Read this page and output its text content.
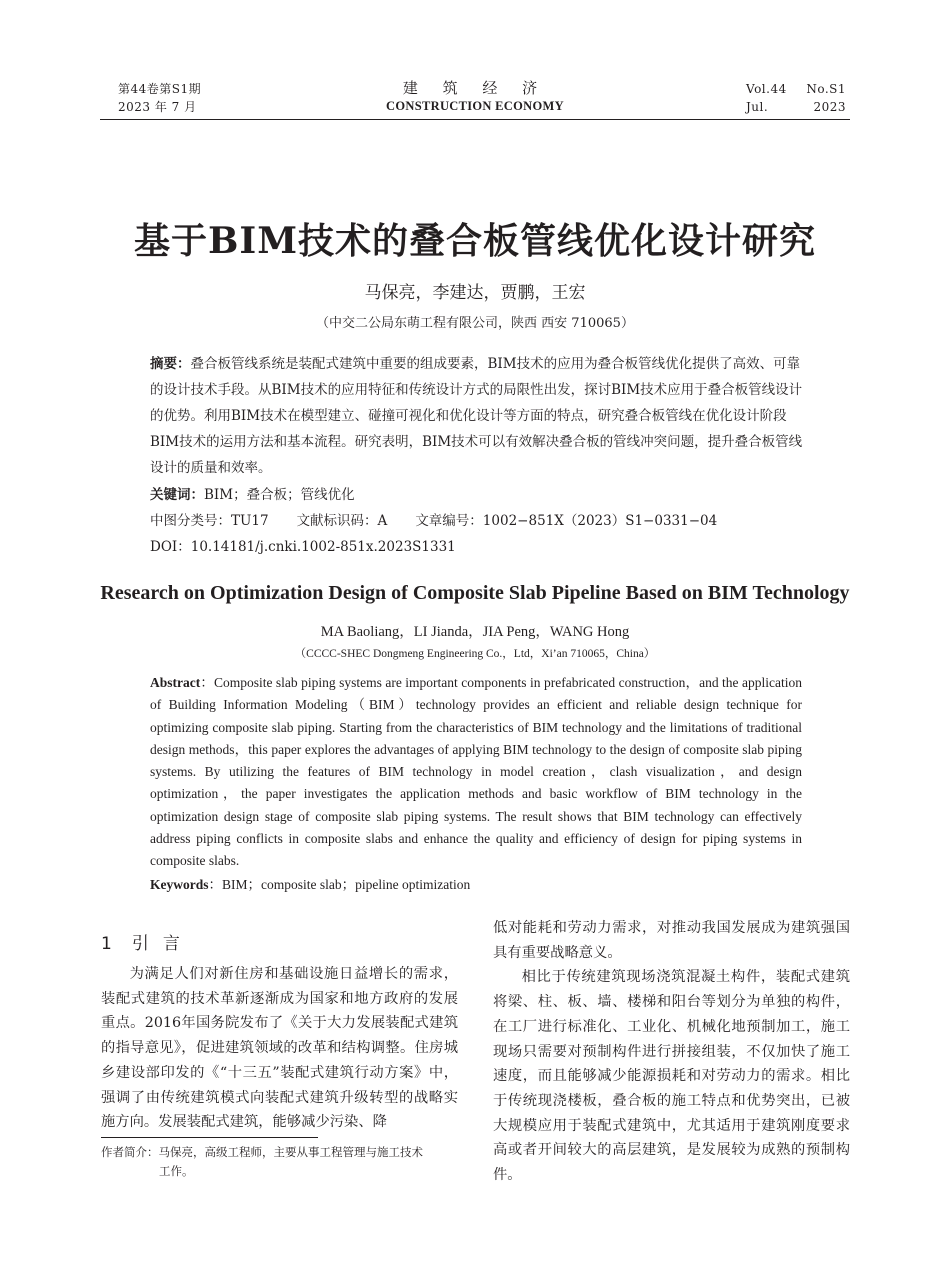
第44卷第S1期
2023 年 7 月
建 筑 经 济
CONSTRUCTION ECONOMY
Vol.44 No.S1
Jul.	2023
基于BIM技术的叠合板管线优化设计研究
马保亮，李建达，贾鹏，王宏
（中交二公局东萌工程有限公司，陕西 西安 710065）
摘要：叠合板管线系统是装配式建筑中重要的组成要素，BIM技术的应用为叠合板管线优化提供了高效、可靠的设计技术手段。从BIM技术的应用特征和传统设计方式的局限性出发，探讨BIM技术应用于叠合板管线设计的优势。利用BIM技术在模型建立、碰撞可视化和优化设计等方面的特点，研究叠合板管线在优化设计阶段BIM技术的运用方法和基本流程。研究表明，BIM技术可以有效解决叠合板的管线冲突问题，提升叠合板管线设计的质量和效率。
关键词：BIM；叠合板；管线优化
中图分类号：TU17 文献标识码：A 文章编号：1002−851X（2023）S1−0331−04
DOI：10.14181/j.cnki.1002-851x.2023S1331
Research on Optimization Design of Composite Slab Pipeline Based on BIM Technology
MA Baoliang，LI Jianda，JIA Peng，WANG Hong
（CCCC-SHEC Dongmeng Engineering Co.，Ltd，Xi’an 710065，China）
Abstract：Composite slab piping systems are important components in prefabricated construction，and the application of Building Information Modeling（BIM）technology provides an efficient and reliable design technique for optimizing composite slab piping. Starting from the characteristics of BIM technology and the limitations of traditional design methods，this paper explores the advantages of applying BIM technology to the design of composite slab piping systems. By utilizing the features of BIM technology in model creation，clash visualization，and design optimization，the paper investigates the application methods and basic workflow of BIM technology in the optimization design stage of composite slab piping systems. The result shows that BIM technology can effectively address piping conflicts in composite slabs and enhance the quality and efficiency of design for piping systems in composite slabs.
Keywords：BIM；composite slab；pipeline optimization
1 引言

为满足人们对新住房和基础设施日益增长的需求，装配式建筑的技术革新逐渐成为国家和地方政府的发展重点。2016年国务院发布了《关于大力发展装配式建筑的指导意见》，促进建筑领域的改革和结构调整。住房城乡建设部印发的《“十三五”装配式建筑行动方案》中，强调了由传统建筑模式向装配式建筑升级转型的战略实施方向。发展装配式建筑，能够减少污染、降

作者简介：马保亮，高级工程师，主要从事工程管理与施工技术
工作。

低对能耗和劳动力需求，对推动我国发展成为建筑强国具有重要战略意义。

相比于传统建筑现场浇筑混凝土构件，装配式建筑将梁、柱、板、墙、楼梯和阳台等划分为单独的构件，在工厂进行标准化、工业化、机械化地预制加工，施工现场只需要对预制构件进行拼接组装，不仅加快了施工速度，而且能够减少能源损耗和对劳动力的需求。相比于传统现浇楼板，叠合板的施工特点和优势突出，已被大规模应用于装配式建筑中，尤其适用于建筑刚度要求高或者开间较大的高层建筑，是发展较为成熟的预制构件。
